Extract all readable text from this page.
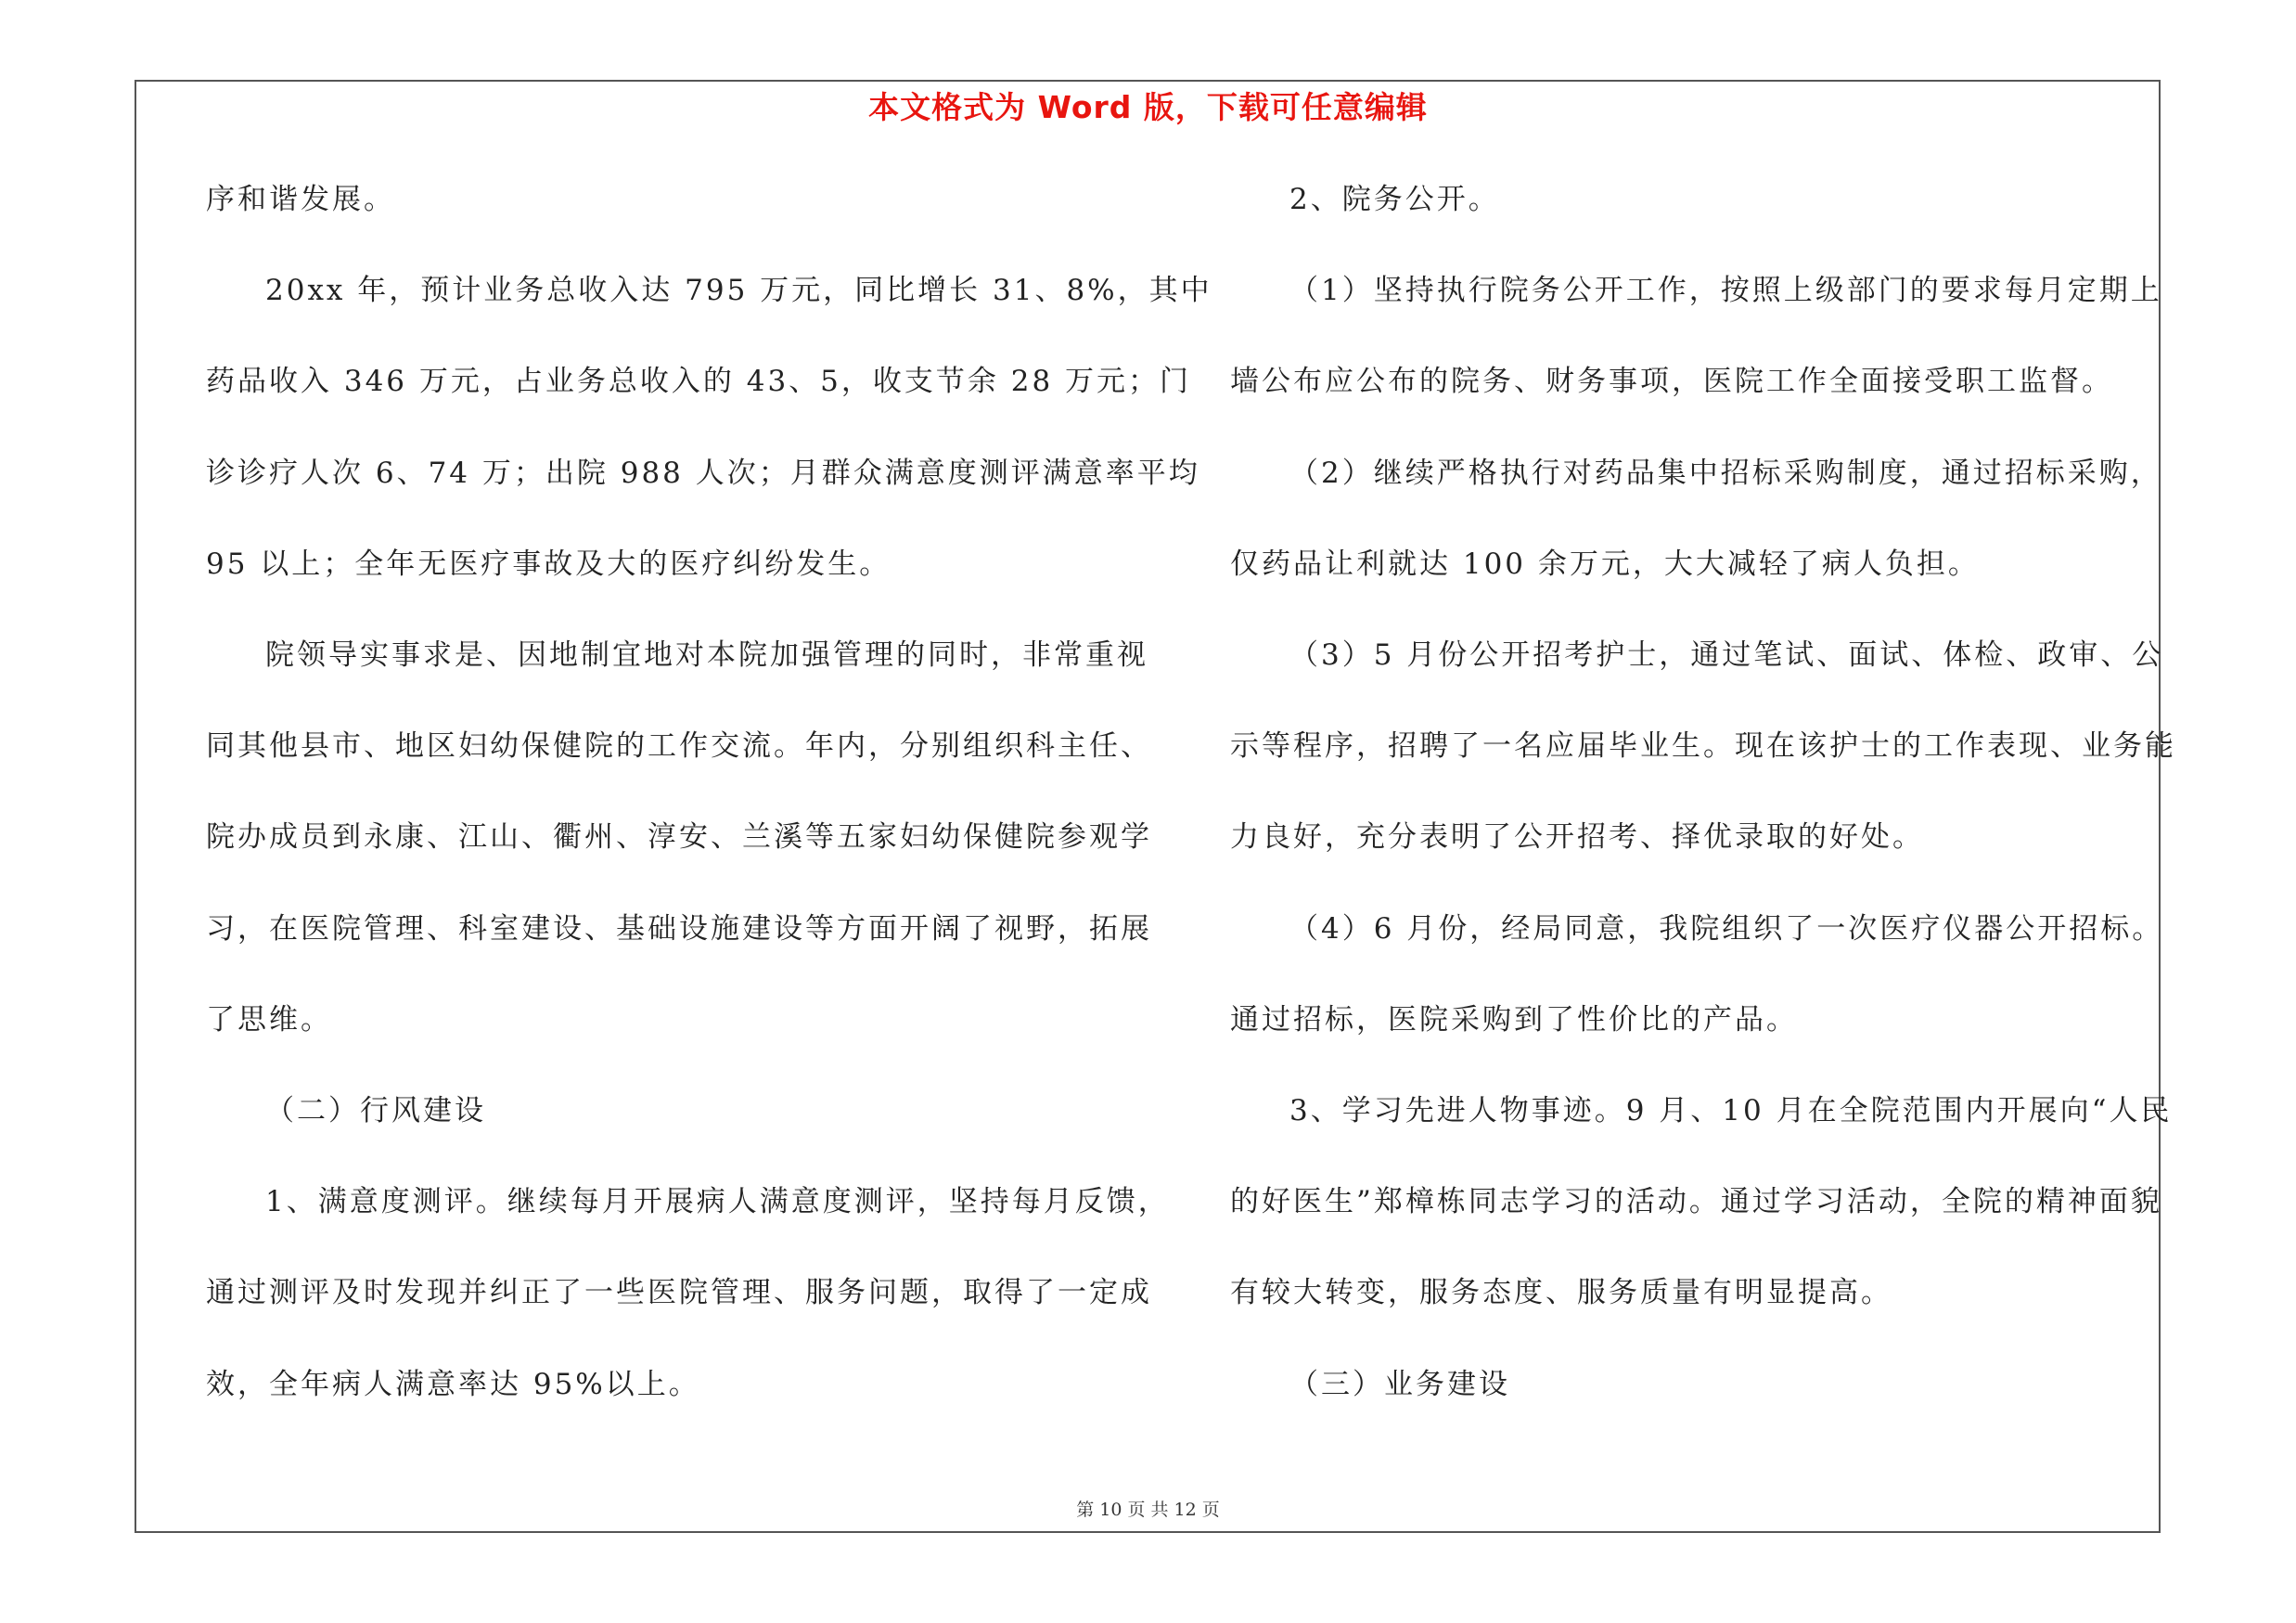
本文格式为 Word 版，下载可任意编辑
序和谐发展。
20xx 年，预计业务总收入达 795 万元，同比增长 31、8%，其中
药品收入 346 万元，占业务总收入的 43、5，收支节余 28 万元；门
诊诊疗人次 6、74 万；出院 988 人次；月群众满意度测评满意率平均
95 以上；全年无医疗事故及大的医疗纠纷发生。
院领导实事求是、因地制宜地对本院加强管理的同时，非常重视
同其他县市、地区妇幼保健院的工作交流。年内，分别组织科主任、
院办成员到永康、江山、衢州、淳安、兰溪等五家妇幼保健院参观学
习，在医院管理、科室建设、基础设施建设等方面开阔了视野，拓展
了思维。
（二）行风建设
1、满意度测评。继续每月开展病人满意度测评，坚持每月反馈，
通过测评及时发现并纠正了一些医院管理、服务问题，取得了一定成
效，全年病人满意率达 95%以上。
2、院务公开。
（1）坚持执行院务公开工作，按照上级部门的要求每月定期上
墙公布应公布的院务、财务事项，医院工作全面接受职工监督。
（2）继续严格执行对药品集中招标采购制度，通过招标采购，
仅药品让利就达 100 余万元，大大减轻了病人负担。
（3）5 月份公开招考护士，通过笔试、面试、体检、政审、公
示等程序，招聘了一名应届毕业生。现在该护士的工作表现、业务能
力良好，充分表明了公开招考、择优录取的好处。
（4）6 月份，经局同意，我院组织了一次医疗仪器公开招标。
通过招标，医院采购到了性价比的产品。
3、学习先进人物事迹。9 月、10 月在全院范围内开展向“人民
的好医生”郑樟栋同志学习的活动。通过学习活动，全院的精神面貌
有较大转变，服务态度、服务质量有明显提高。
（三）业务建设
第 10 页 共 12 页
